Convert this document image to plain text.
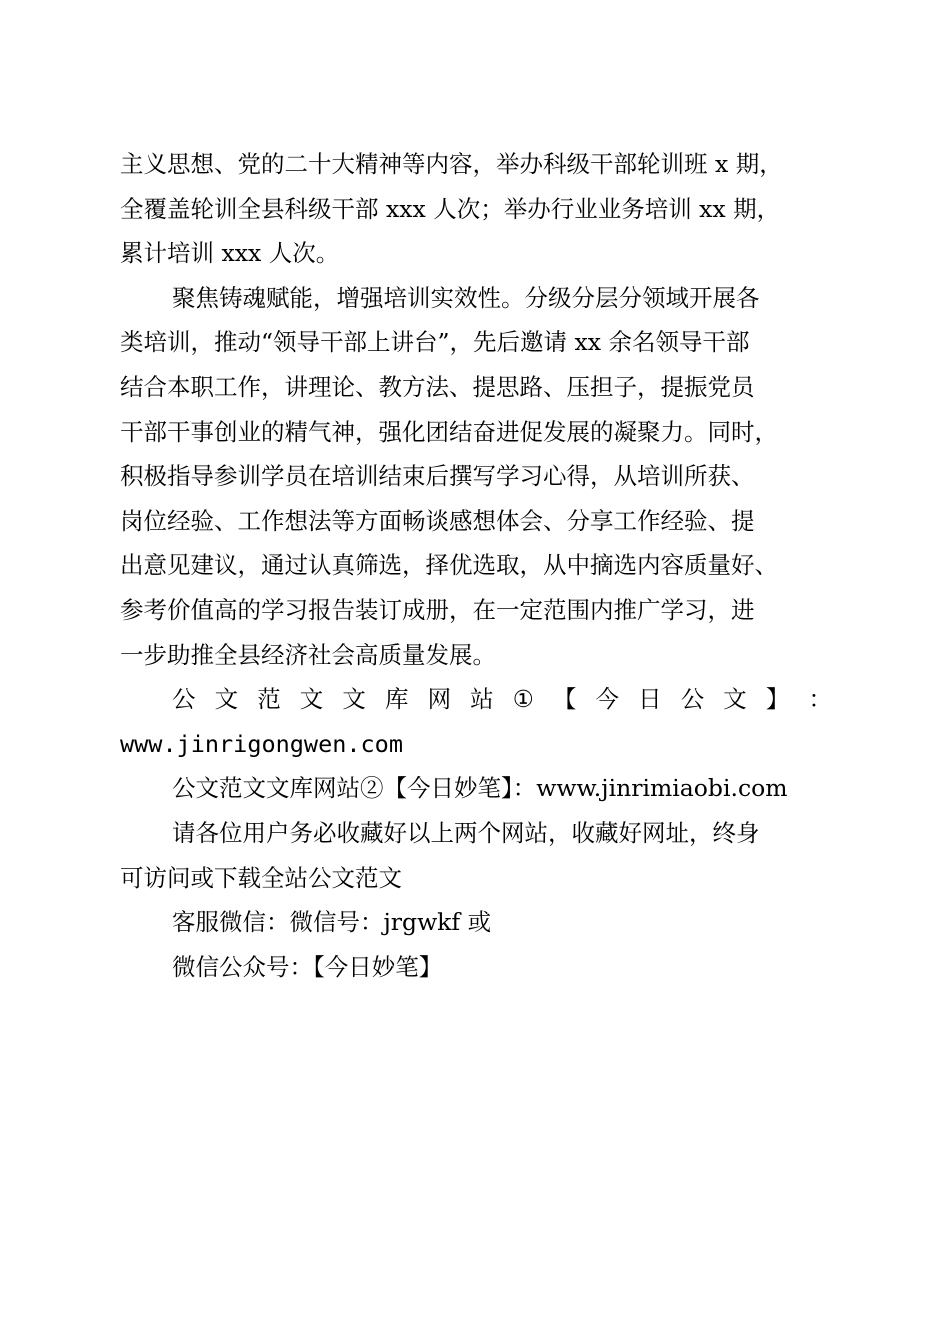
主义思想、党的二十大精神等内容，举办科级干部轮训班 x 期，
全覆盖轮训全县科级干部 xxx 人次；举办行业业务培训 xx 期，
累计培训 xxx 人次。
聚焦铸魂赋能，增强培训实效性。分级分层分领域开展各
类培训，推动“领导干部上讲台”，先后邀请 xx 余名领导干部
结合本职工作，讲理论、教方法、提思路、压担子，提振党员
干部干事创业的精气神，强化团结奋进促发展的凝聚力。同时，
积极指导参训学员在培训结束后撰写学习心得，从培训所获、
岗位经验、工作想法等方面畅谈感想体会、分享工作经验、提
出意见建议，通过认真筛选，择优选取，从中摘选内容质量好、
参考价值高的学习报告装订成册，在一定范围内推广学习，进
一步助推全县经济社会高质量发展。
公 文 范 文 文 库 网 站 ① 【 今 日 公 文 】 ：
www.jinrigongwen.com
公文范文文库网站②【今日妙笔】：www.jinrimiaobi.com
请各位用户务必收藏好以上两个网站，收藏好网址，终身
可访问或下载全站公文范文
客服微信：微信号：jrgwkf 或
微信公众号：【今日妙笔】
